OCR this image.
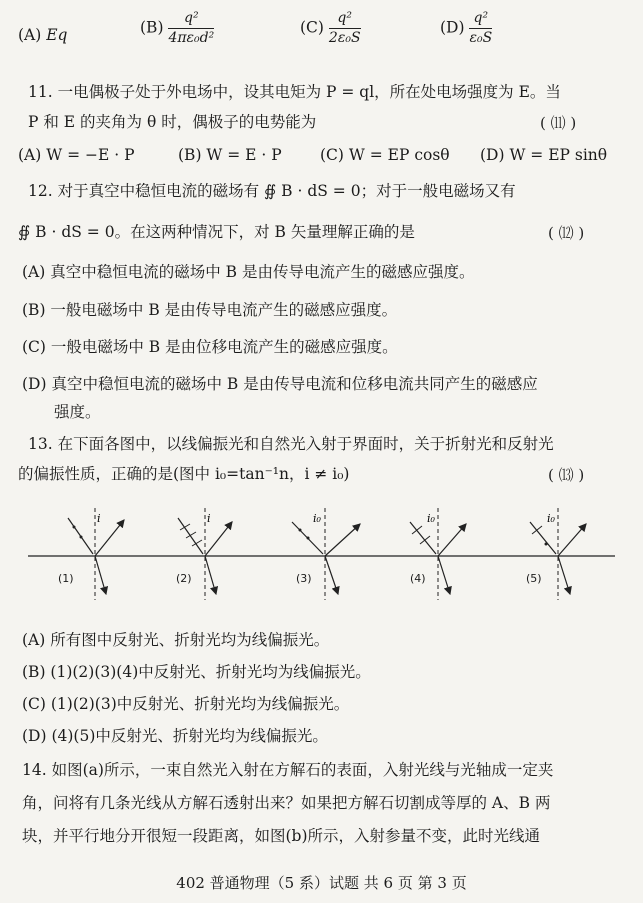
(A) Eq	$(B) \frac{\text{q²}}{\text{4πε₀d²}}$	$(C) \frac{\text{q²}}{\text{2ε₀S}}$	$(D) \frac{\text{q²}}{\text{ε₀S}}$
11. 一电偶极子处于外电场中，设其电矩为 P = ql，所在处电场强度为 E。当
P 和 E 的夹角为 θ 时，偶极子的电势能为	( ⑾ )
(A) W = −E · P	(B) W = E · P (C) W = EP cosθ (D) W = EP sinθ
12. 对于真空中稳恒电流的磁场有 ∯ B · dS = 0；对于一般电磁场又有
∯ B · dS = 0。在这两种情况下，对 B 矢量理解正确的是	( ⑿ )
(A) 真空中稳恒电流的磁场中 B 是由传导电流产生的磁感应强度。
(B) 一般电磁场中 B 是由传导电流产生的磁感应强度。
(C) 一般电磁场中 B 是由位移电流产生的磁感应强度。
(D) 真空中稳恒电流的磁场中 B 是由传导电流和位移电流共同产生的磁感应
强度。
13. 在下面各图中，以线偏振光和自然光入射于界面时，关于折射光和反射光
的偏振性质，正确的是(图中 i₀=tan⁻¹n，i ≠ i₀)	( ⒀ )
i	i	i₀	i₀	i₀
(1)	(2)	(3)	(4)	(5)
(A) 所有图中反射光、折射光均为线偏振光。
(B) (1)(2)(3)(4)中反射光、折射光均为线偏振光。
(C) (1)(2)(3)中反射光、折射光均为线偏振光。
(D) (4)(5)中反射光、折射光均为线偏振光。
14. 如图(a)所示，一束自然光入射在方解石的表面，入射光线与光轴成一定夹
角，问将有几条光线从方解石透射出来？如果把方解石切割成等厚的 A、B 两
块，并平行地分开很短一段距离，如图(b)所示，入射参量不变，此时光线通
402 普通物理（5 系）试题 共 6 页 第 3 页
